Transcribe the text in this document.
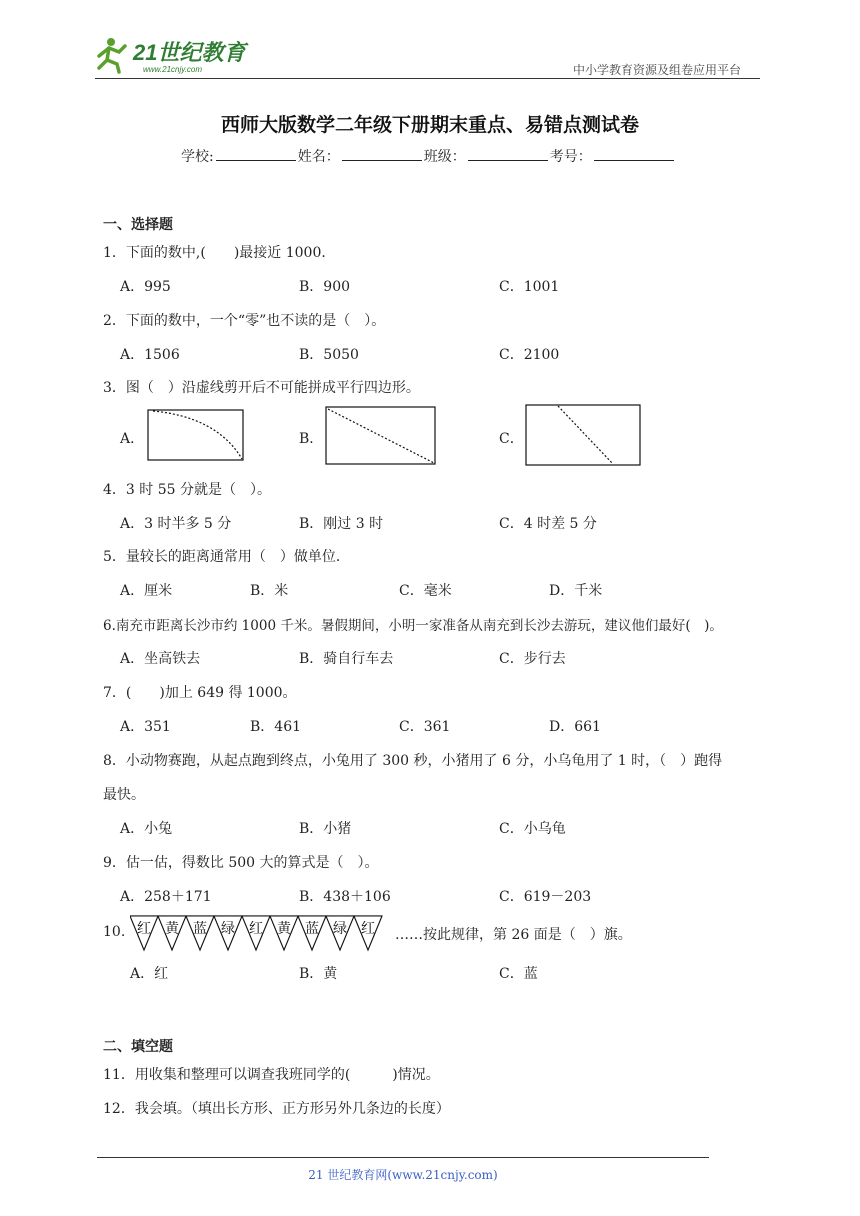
21世纪教育
www.21cnjy.com	中小学教育资源及组卷应用平台
西师大版数学二年级下册期末重点、易错点测试卷
学校:	姓名：	班级：	考号：
一、选择题
1．下面的数中,(　　)最接近 1000．
A．995	B．900	C．1001
2．下面的数中，一个“零”也不读的是（　）。
A．1506	B．5050	C．2100
3．图（　）沿虚线剪开后不可能拼成平行四边形。
A．	B．	C．
4．3 时 55 分就是（　）。
A．3 时半多 5 分	B．刚过 3 时	C．4 时差 5 分
5．量较长的距离通常用（　）做单位．
A．厘米	B．米	C．毫米	D．千米
6.南充市距离长沙市约 1000 千米。暑假期间，小明一家准备从南充到长沙去游玩，建议他们最好(　)。
A．坐高铁去	B．骑自行车去	C．步行去
7．(　　)加上 649 得 1000。
A．351	B．461	C．361	D．661
8．小动物赛跑，从起点跑到终点，小兔用了 300 秒，小猪用了 6 分，小乌龟用了 1 时，（　）跑得
最快。
A．小兔	B．小猪	C．小乌龟
9．估一估，得数比 500 大的算式是（　）。
A．258＋171	B．438＋106	C．619－203
10. 红 黄 蓝 绿 红 黄 蓝 绿 红 ……按此规律，第 26 面是（　）旗。
A．红	B．黄	C．蓝
二、填空题
11．用收集和整理可以调查我班同学的(　　　)情况。
12．我会填。（填出长方形、正方形另外几条边的长度）
21 世纪教育网(www.21cnjy.com)
